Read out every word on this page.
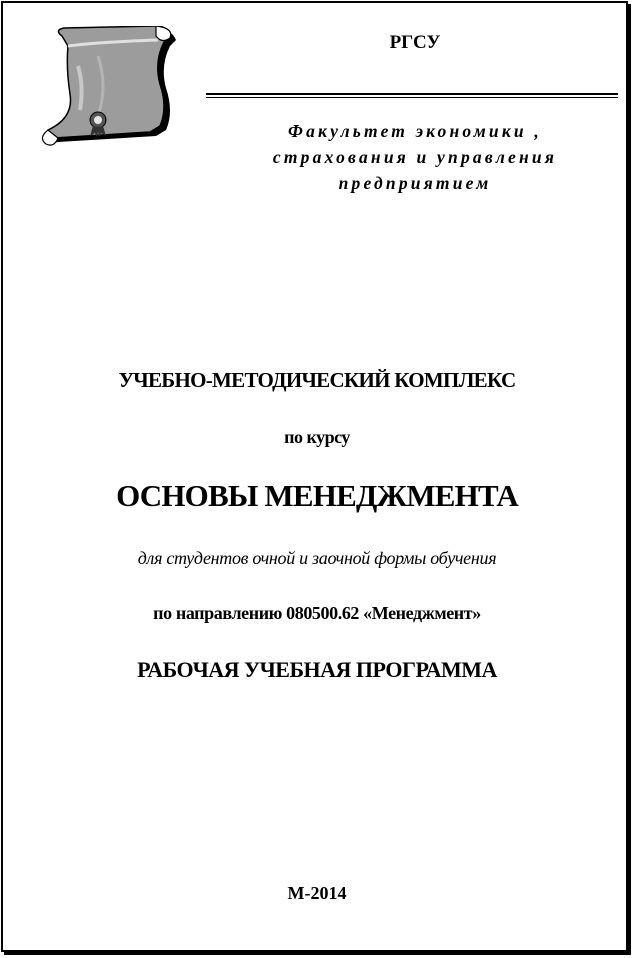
РГСУ
Факультет экономики ,
страхования и управления
предприятием
УЧЕБНО-МЕТОДИЧЕСКИЙ КОМПЛЕКС
по курсу
ОСНОВЫ МЕНЕДЖМЕНТА
для студентов очной и заочной формы обучения
по направлению 080500.62 «Менеджмент»
РАБОЧАЯ УЧЕБНАЯ ПРОГРАММА
М-2014
